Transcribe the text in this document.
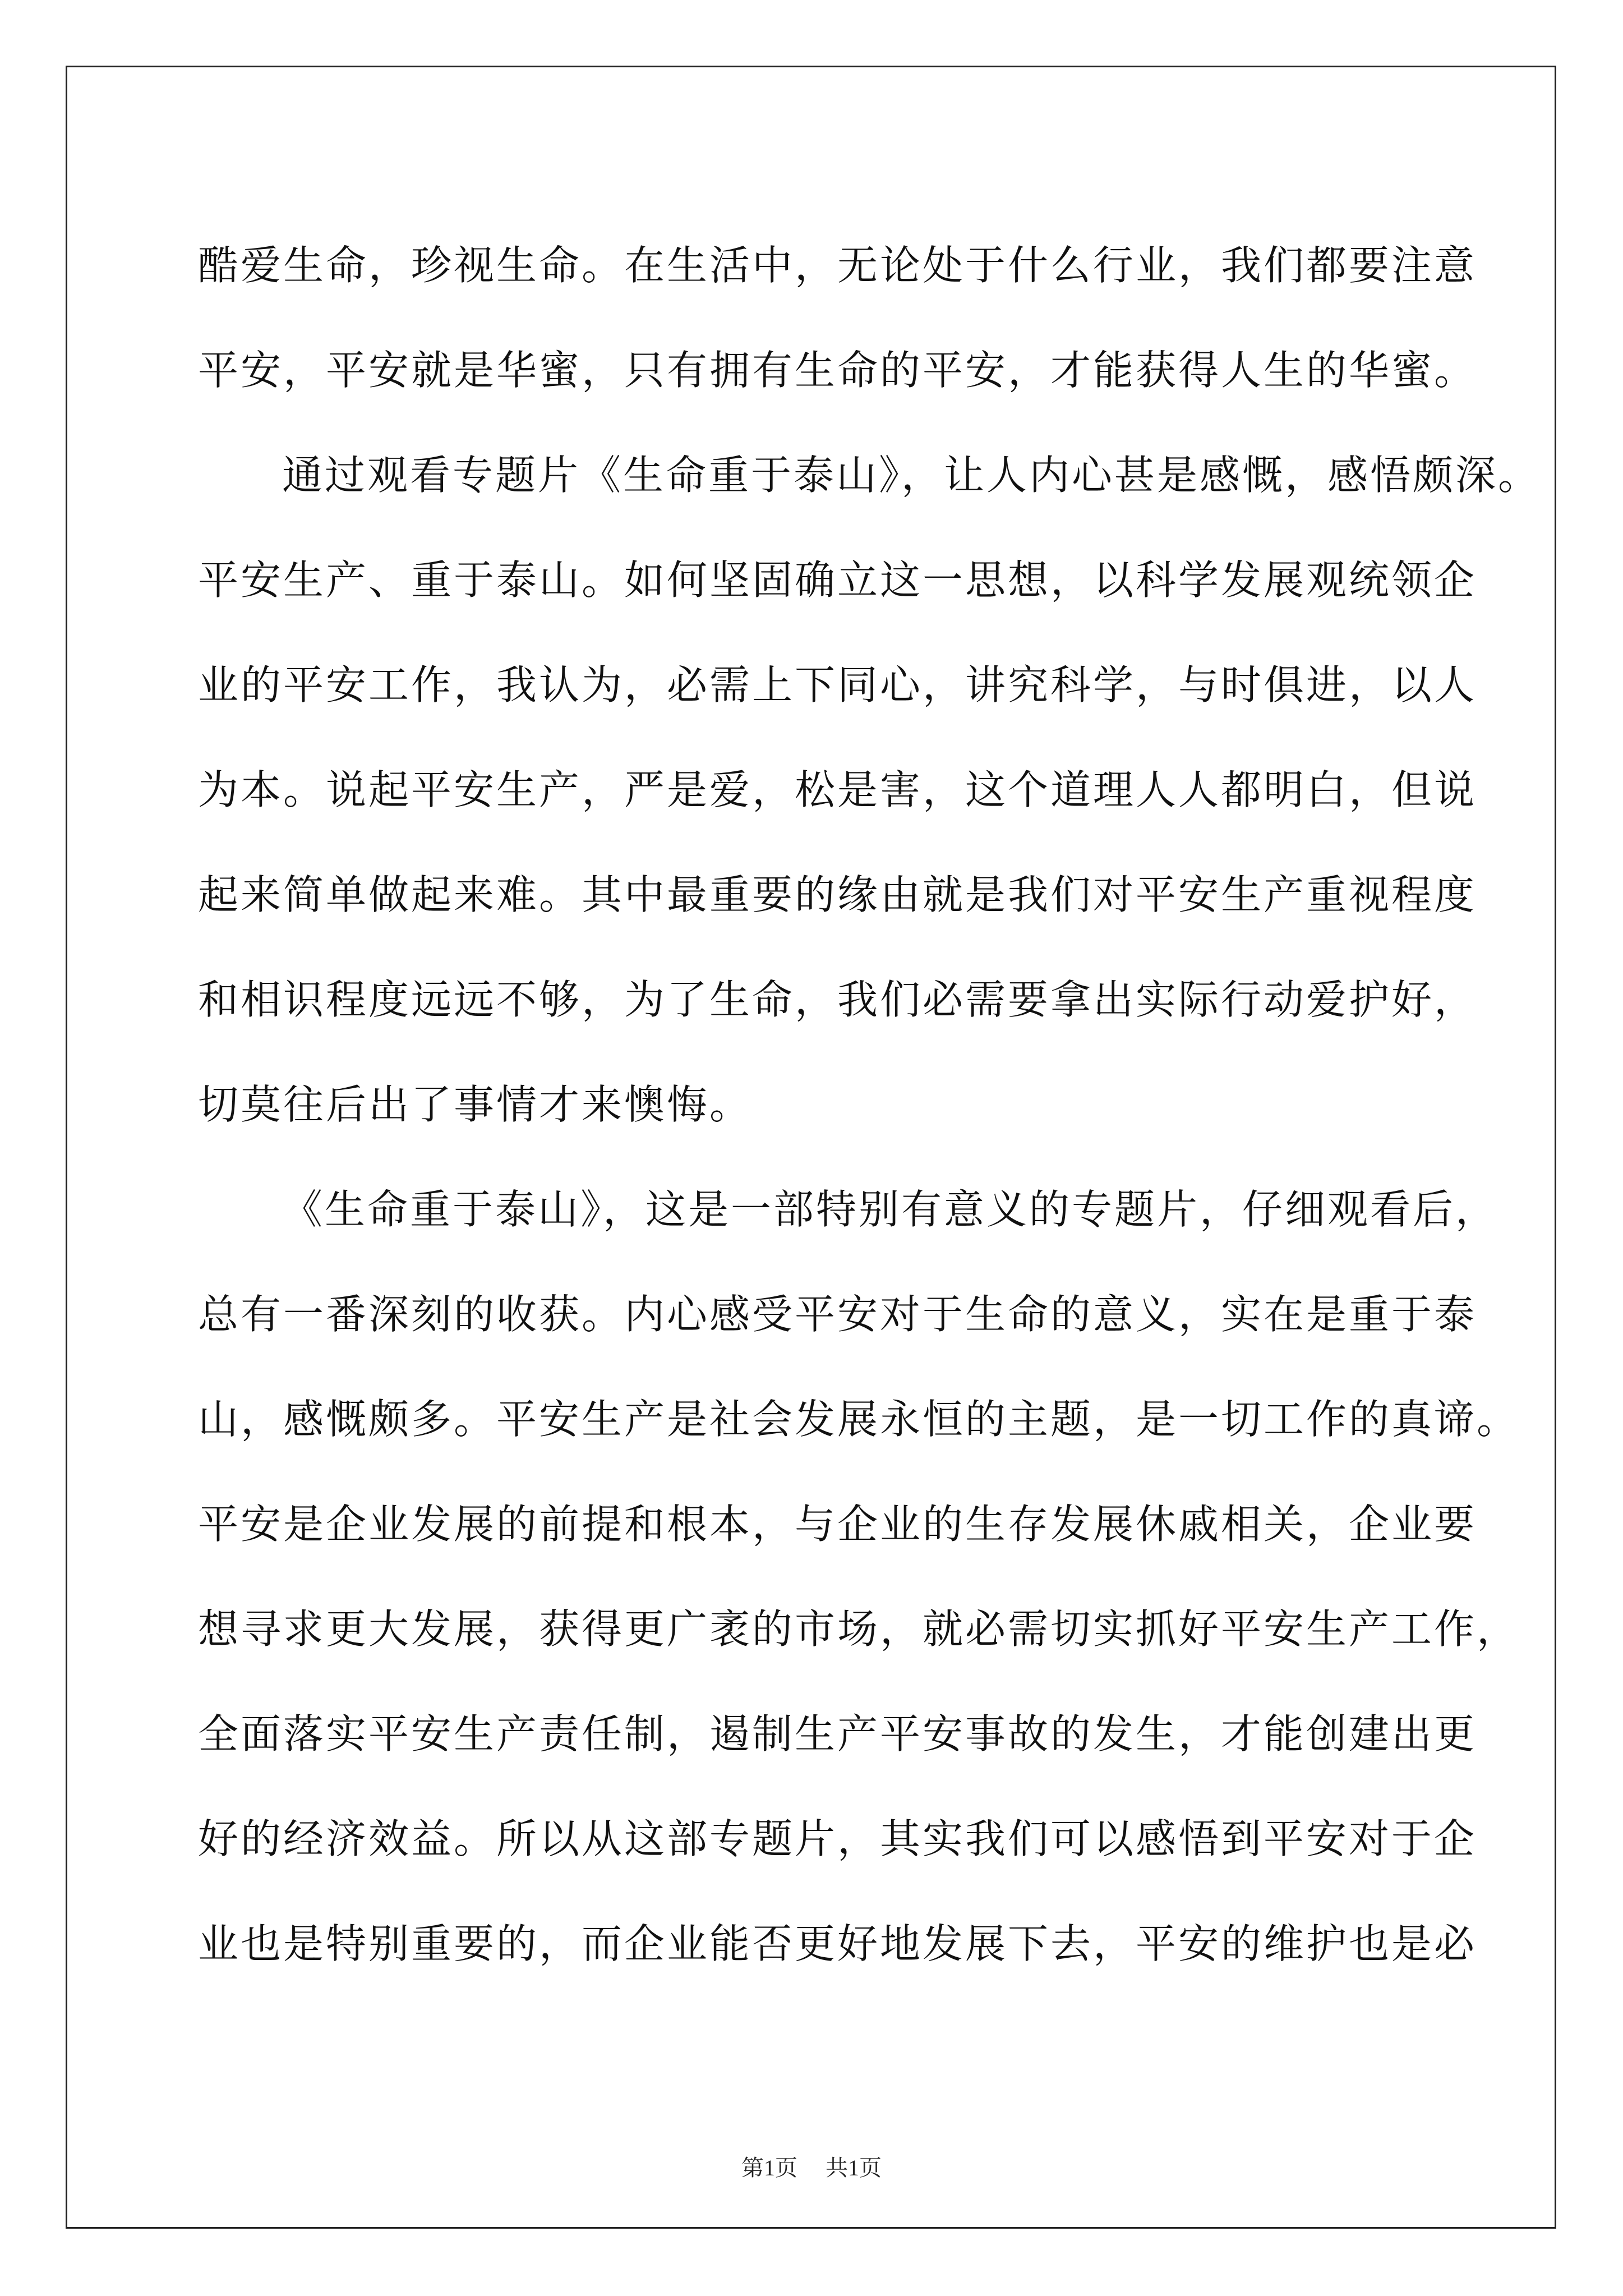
酷爱生命，珍视生命。在生活中，无论处于什么行业，我们都要注意
平安，平安就是华蜜，只有拥有生命的平安，才能获得人生的华蜜。
通过观看专题片《生命重于泰山》，让人内心甚是感慨，感悟颇深。
平安生产、重于泰山。如何坚固确立这一思想，以科学发展观统领企
业的平安工作，我认为，必需上下同心，讲究科学，与时俱进，以人
为本。说起平安生产，严是爱，松是害，这个道理人人都明白，但说
起来简单做起来难。其中最重要的缘由就是我们对平安生产重视程度
和相识程度远远不够，为了生命，我们必需要拿出实际行动爱护好，
切莫往后出了事情才来懊悔。
《生命重于泰山》，这是一部特别有意义的专题片，仔细观看后，
总有一番深刻的收获。内心感受平安对于生命的意义，实在是重于泰
山，感慨颇多。平安生产是社会发展永恒的主题，是一切工作的真谛。
平安是企业发展的前提和根本，与企业的生存发展休戚相关，企业要
想寻求更大发展，获得更广袤的市场，就必需切实抓好平安生产工作，
全面落实平安生产责任制，遏制生产平安事故的发生，才能创建出更
好的经济效益。所以从这部专题片，其实我们可以感悟到平安对于企
业也是特别重要的，而企业能否更好地发展下去，平安的维护也是必
第1页 共1页
